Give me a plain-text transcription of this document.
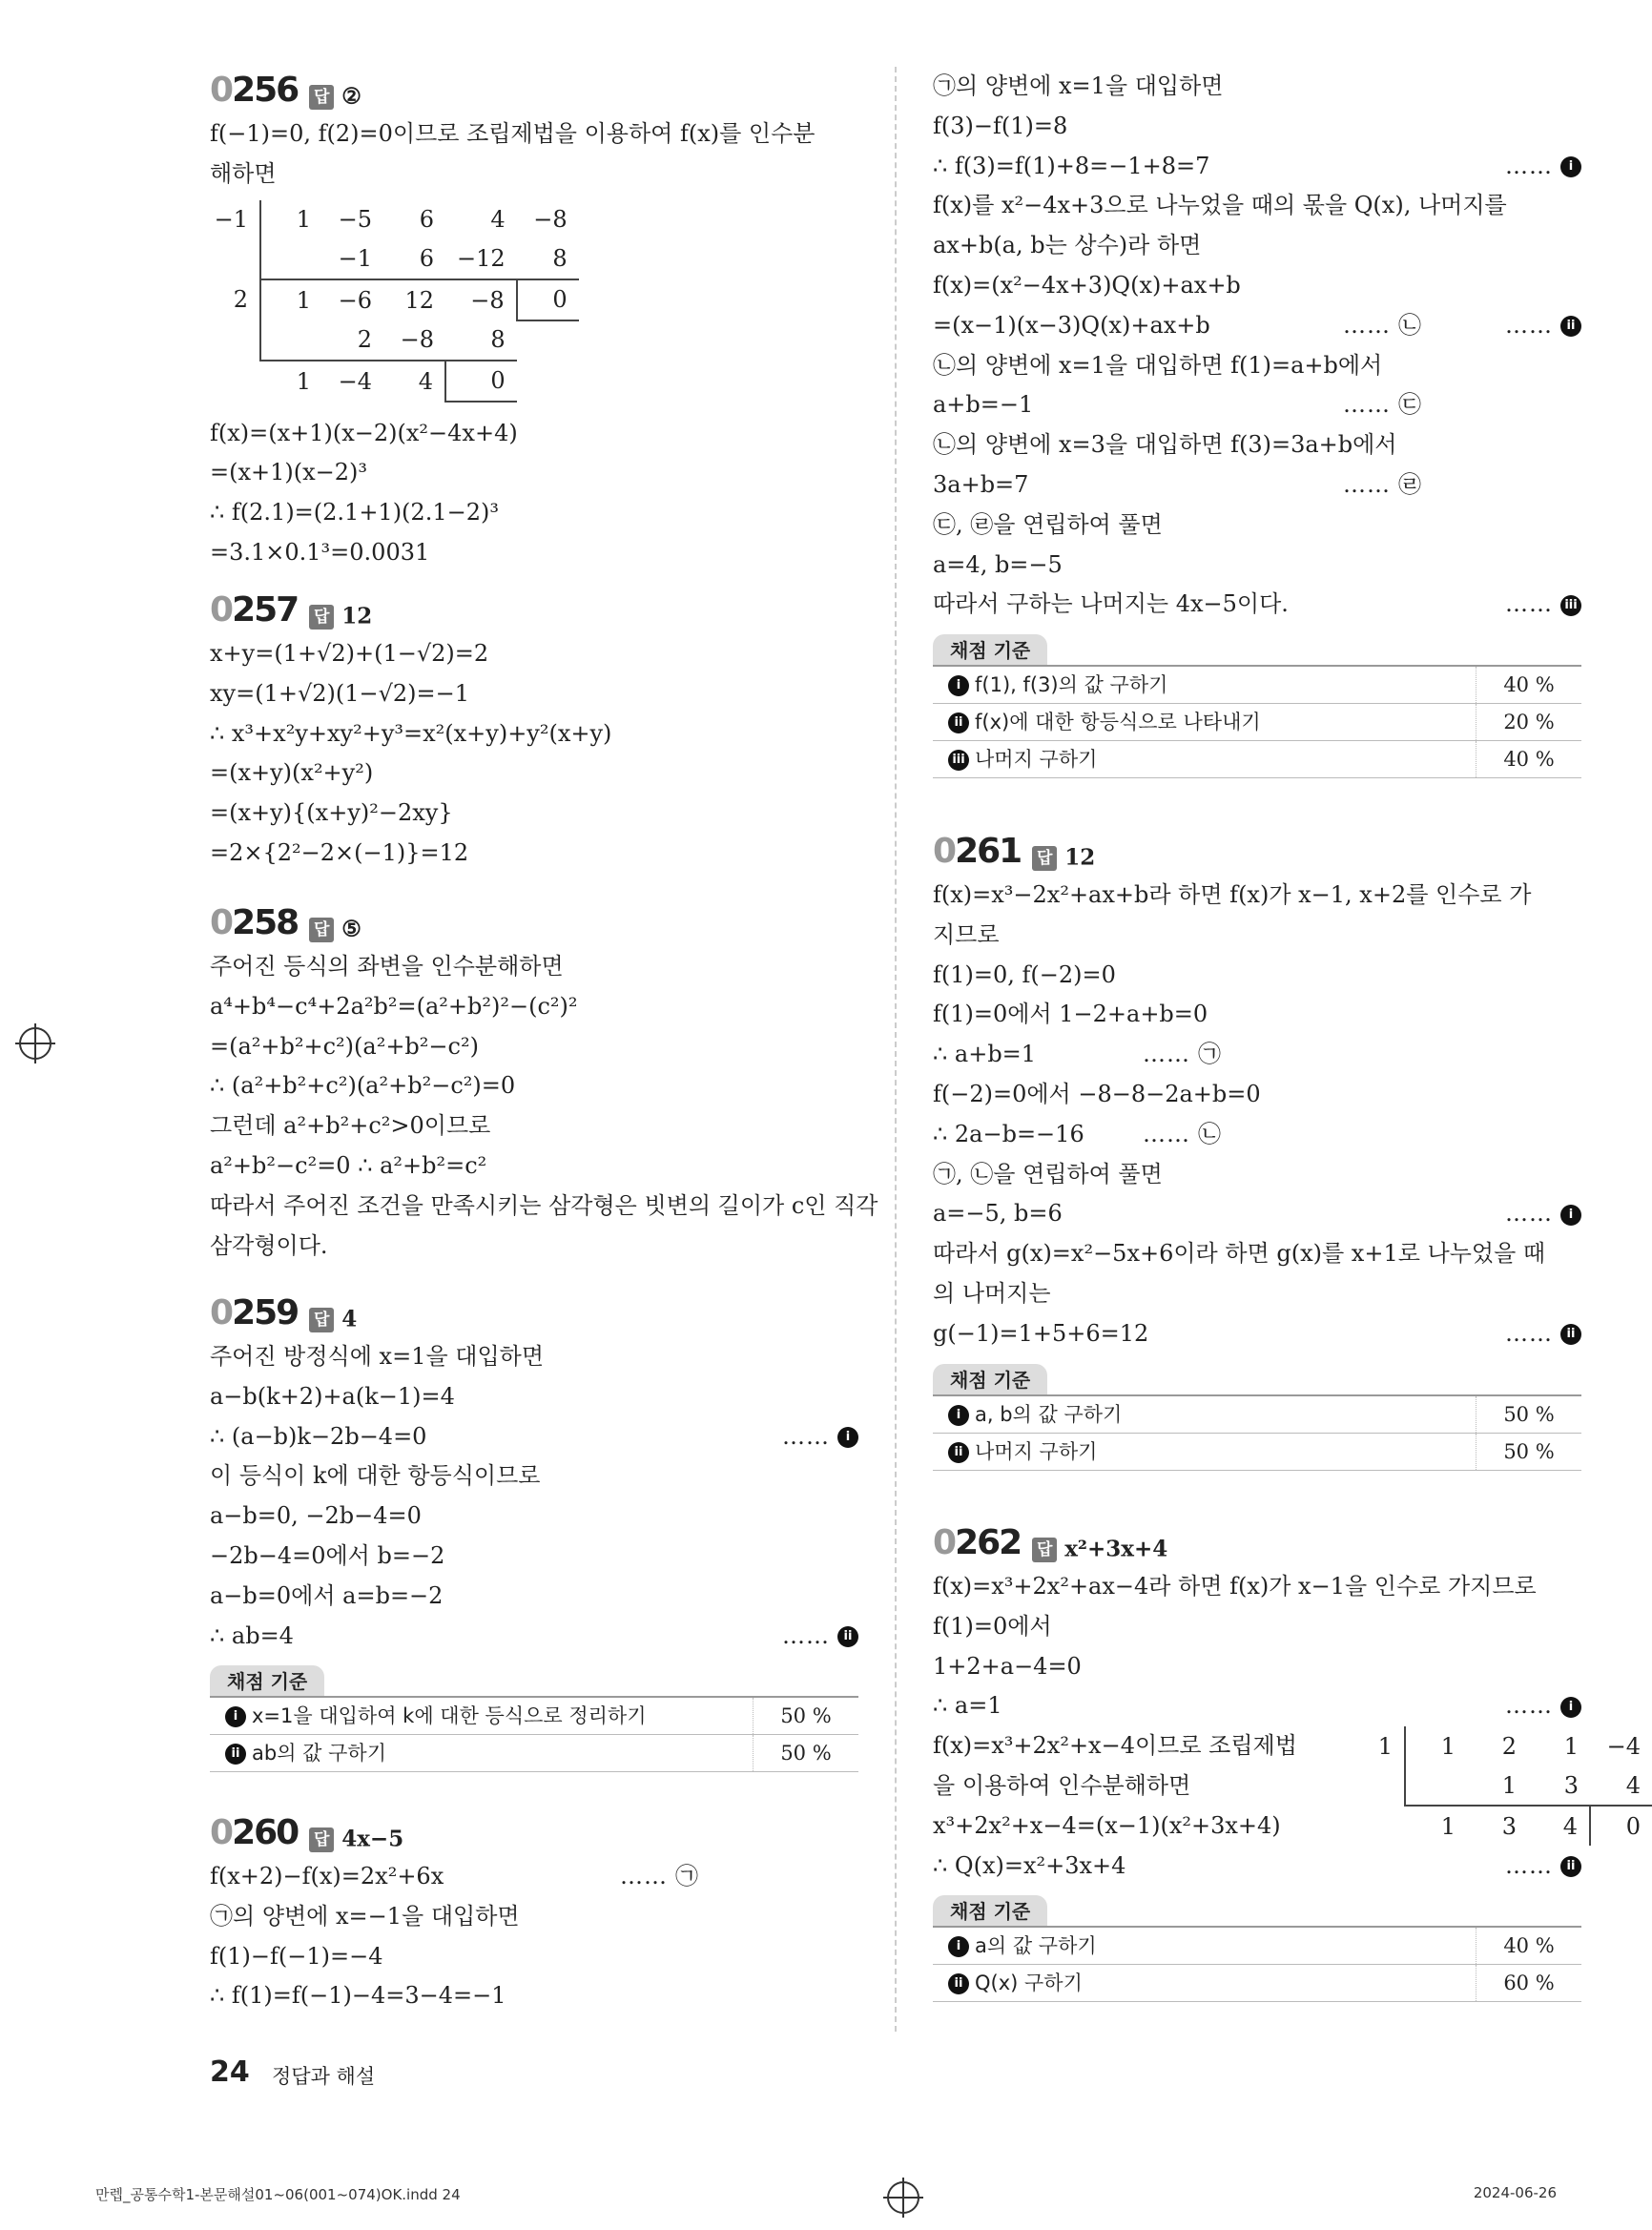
0256 답 ②
f(−1)=0, f(2)=0이므로 조립제법을 이용하여 f(x)를 인수분
해하면
−1	1	−5	6	4	−8
		−1	6	−12	8
2	1	−6	12	−8	0
		2	−8	8	
	1	−4	4	0	
f(x)=(x+1)(x−2)(x²−4x+4)
=(x+1)(x−2)³
∴ f(2.1)=(2.1+1)(2.1−2)³
=3.1×0.1³=0.0031
0257 답 12
x+y=(1+√2)+(1−√2)=2
xy=(1+√2)(1−√2)=−1
∴ x³+x²y+xy²+y³=x²(x+y)+y²(x+y)
=(x+y)(x²+y²)
=(x+y){(x+y)²−2xy}
=2×{2²−2×(−1)}=12
0258 답 ⑤
주어진 등식의 좌변을 인수분해하면
a⁴+b⁴−c⁴+2a²b²=(a²+b²)²−(c²)²
=(a²+b²+c²)(a²+b²−c²)
∴ (a²+b²+c²)(a²+b²−c²)=0
그런데 a²+b²+c²>0이므로
a²+b²−c²=0 ∴ a²+b²=c²
따라서 주어진 조건을 만족시키는 삼각형은 빗변의 길이가 c인 직각
삼각형이다.
0259 답 4
주어진 방정식에 x=1을 대입하면
a−b(k+2)+a(k−1)=4
∴ (a−b)k−2b−4=0	…… i
이 등식이 k에 대한 항등식이므로
a−b=0, −2b−4=0
−2b−4=0에서 b=−2
a−b=0에서 a=b=−2
∴ ab=4	…… ii
채점 기준
i x=1을 대입하여 k에 대한 등식으로 정리하기	50 %
ii ab의 값 구하기	50 %
0260 답 4x−5
f(x+2)−f(x)=2x²+6x	…… ㉠
㉠의 양변에 x=−1을 대입하면
f(1)−f(−1)=−4
∴ f(1)=f(−1)−4=3−4=−1
㉠의 양변에 x=1을 대입하면
f(3)−f(1)=8
∴ f(3)=f(1)+8=−1+8=7	…… i
f(x)를 x²−4x+3으로 나누었을 때의 몫을 Q(x), 나머지를
ax+b(a, b는 상수)라 하면
f(x)=(x²−4x+3)Q(x)+ax+b
=(x−1)(x−3)Q(x)+ax+b	…… ㉡	…… ii
㉡의 양변에 x=1을 대입하면 f(1)=a+b에서
a+b=−1	…… ㉢
㉡의 양변에 x=3을 대입하면 f(3)=3a+b에서
3a+b=7	…… ㉣
㉢, ㉣을 연립하여 풀면
a=4, b=−5
따라서 구하는 나머지는 4x−5이다.	…… iii
채점 기준
i f(1), f(3)의 값 구하기	40 %
ii f(x)에 대한 항등식으로 나타내기	20 %
iii 나머지 구하기	40 %
0261 답 12
f(x)=x³−2x²+ax+b라 하면 f(x)가 x−1, x+2를 인수로 가
지므로
f(1)=0, f(−2)=0
f(1)=0에서 1−2+a+b=0
∴ a+b=1	…… ㉠
f(−2)=0에서 −8−8−2a+b=0
∴ 2a−b=−16	…… ㉡
㉠, ㉡을 연립하여 풀면
a=−5, b=6	…… i
따라서 g(x)=x²−5x+6이라 하면 g(x)를 x+1로 나누었을 때
의 나머지는
g(−1)=1+5+6=12	…… ii
채점 기준
i a, b의 값 구하기	50 %
ii 나머지 구하기	50 %
0262 답 x²+3x+4
f(x)=x³+2x²+ax−4라 하면 f(x)가 x−1을 인수로 가지므로
f(1)=0에서
1+2+a−4=0
∴ a=1	…… i
f(x)=x³+2x²+x−4이므로 조립제법
을 이용하여 인수분해하면
x³+2x²+x−4=(x−1)(x²+3x+4)
∴ Q(x)=x²+3x+4	…… ii
1	1	2	1	−4
		1	3	4
	1	3	4	0
채점 기준
i a의 값 구하기	40 %
ii Q(x) 구하기	60 %
24 정답과 해설
만렙_공통수학1-본문해설01~06(001~074)OK.indd 24	2024-06-26
